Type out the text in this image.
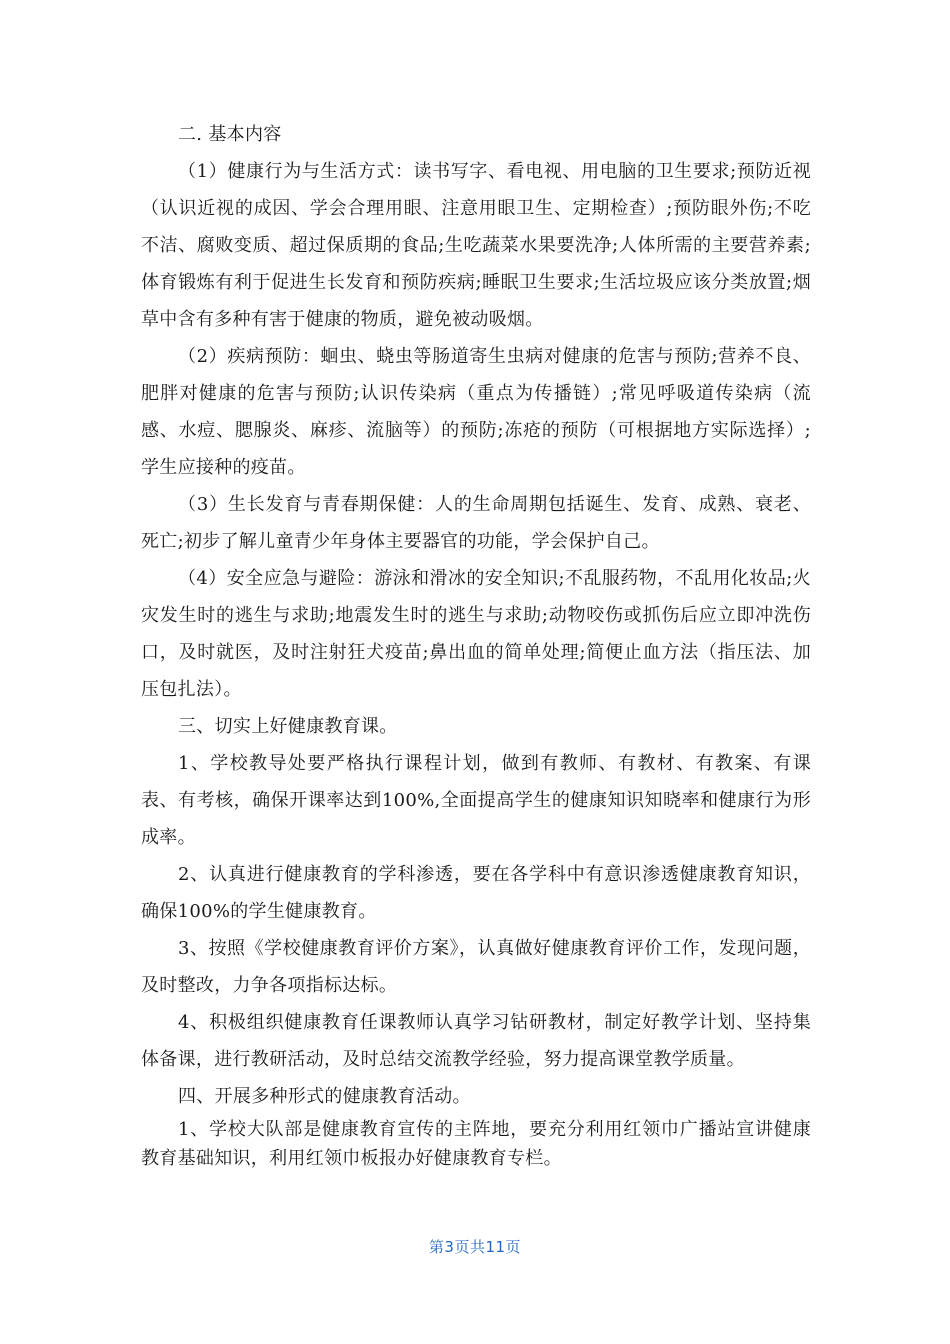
二. 基本内容

（1）健康行为与生活方式：读书写字、看电视、用电脑的卫生要求;预防近视（认识近视的成因、学会合理用眼、注意用眼卫生、定期检查）;预防眼外伤;不吃不洁、腐败变质、超过保质期的食品;生吃蔬菜水果要洗净;人体所需的主要营养素;体育锻炼有利于促进生长发育和预防疾病;睡眠卫生要求;生活垃圾应该分类放置;烟草中含有多种有害于健康的物质，避免被动吸烟。

（2）疾病预防：蛔虫、蛲虫等肠道寄生虫病对健康的危害与预防;营养不良、肥胖对健康的危害与预防;认识传染病（重点为传播链）;常见呼吸道传染病（流感、水痘、腮腺炎、麻疹、流脑等）的预防;冻疮的预防（可根据地方实际选择）;学生应接种的疫苗。

（3）生长发育与青春期保健：人的生命周期包括诞生、发育、成熟、衰老、死亡;初步了解儿童青少年身体主要器官的功能，学会保护自己。

（4）安全应急与避险：游泳和滑冰的安全知识;不乱服药物，不乱用化妆品;火灾发生时的逃生与求助;地震发生时的逃生与求助;动物咬伤或抓伤后应立即冲洗伤口，及时就医，及时注射狂犬疫苗;鼻出血的简单处理;简便止血方法（指压法、加压包扎法）。

三、切实上好健康教育课。

1、学校教导处要严格执行课程计划，做到有教师、有教材、有教案、有课表、有考核，确保开课率达到100%,全面提高学生的健康知识知晓率和健康行为形成率。

2、认真进行健康教育的学科渗透，要在各学科中有意识渗透健康教育知识，确保100%的学生健康教育。

3、按照《学校健康教育评价方案》，认真做好健康教育评价工作，发现问题，及时整改，力争各项指标达标。

4、积极组织健康教育任课教师认真学习钻研教材，制定好教学计划、坚持集体备课，进行教研活动，及时总结交流教学经验，努力提高课堂教学质量。

四、开展多种形式的健康教育活动。

1、学校大队部是健康教育宣传的主阵地，要充分利用红领巾广播站宣讲健康教育基础知识，利用红领巾板报办好健康教育专栏。

第3页共11页
